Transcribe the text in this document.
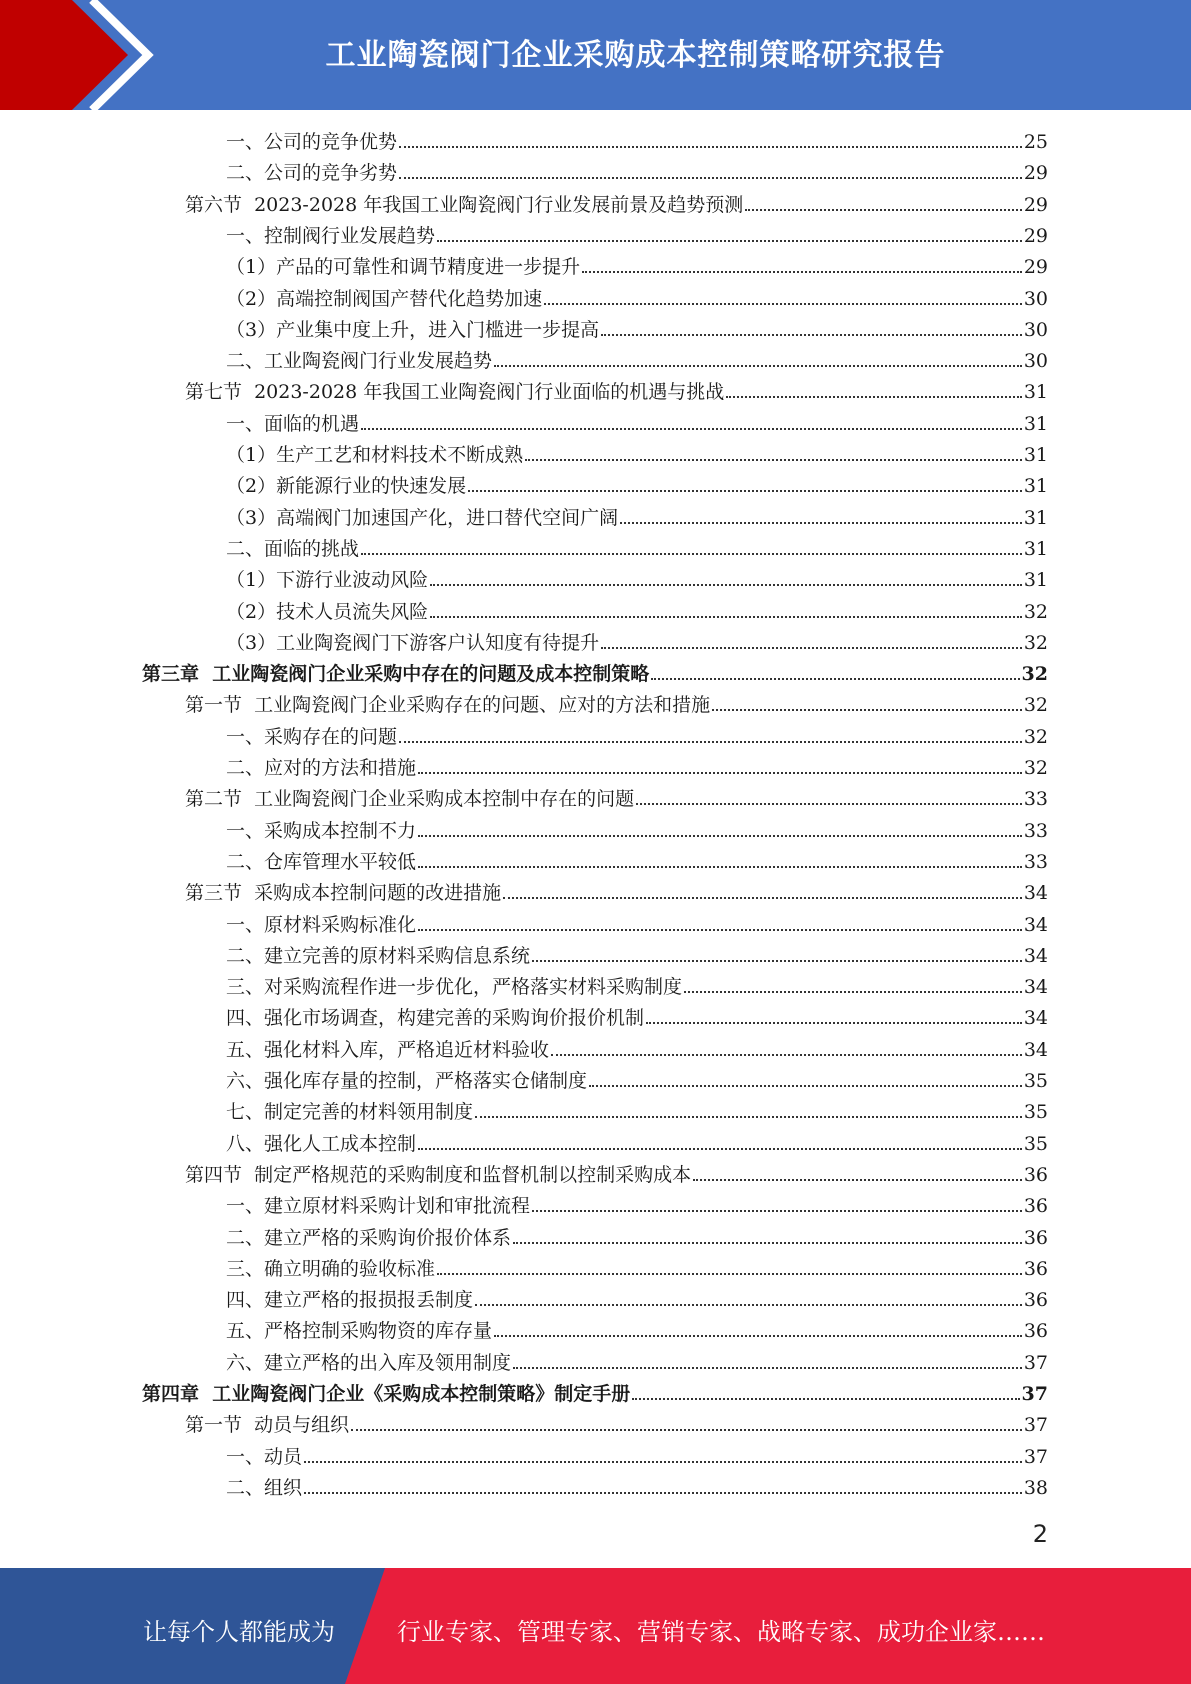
工业陶瓷阀门企业采购成本控制策略研究报告
一、公司的竞争优势	25
二、公司的竞争劣势	29
第六节  2023-2028 年我国工业陶瓷阀门行业发展前景及趋势预测	29
一、控制阀行业发展趋势	29
（1）产品的可靠性和调节精度进一步提升	29
（2）高端控制阀国产替代化趋势加速	30
（3）产业集中度上升，进入门槛进一步提高	30
二、工业陶瓷阀门行业发展趋势	30
第七节  2023-2028 年我国工业陶瓷阀门行业面临的机遇与挑战	31
一、面临的机遇	31
（1）生产工艺和材料技术不断成熟	31
（2）新能源行业的快速发展	31
（3）高端阀门加速国产化，进口替代空间广阔	31
二、面临的挑战	31
（1）下游行业波动风险	31
（2）技术人员流失风险	32
（3）工业陶瓷阀门下游客户认知度有待提升	32
第三章  工业陶瓷阀门企业采购中存在的问题及成本控制策略	32
第一节  工业陶瓷阀门企业采购存在的问题、应对的方法和措施	32
一、采购存在的问题	32
二、应对的方法和措施	32
第二节  工业陶瓷阀门企业采购成本控制中存在的问题	33
一、采购成本控制不力	33
二、仓库管理水平较低	33
第三节  采购成本控制问题的改进措施	34
一、原材料采购标准化	34
二、建立完善的原材料采购信息系统	34
三、对采购流程作进一步优化，严格落实材料采购制度	34
四、强化市场调查，构建完善的采购询价报价机制	34
五、强化材料入库，严格追近材料验收	34
六、强化库存量的控制，严格落实仓储制度	35
七、制定完善的材料领用制度	35
八、强化人工成本控制	35
第四节  制定严格规范的采购制度和监督机制以控制采购成本	36
一、建立原材料采购计划和审批流程	36
二、建立严格的采购询价报价体系	36
三、确立明确的验收标准	36
四、建立严格的报损报丢制度	36
五、严格控制采购物资的库存量	36
六、建立严格的出入库及领用制度	37
第四章  工业陶瓷阀门企业《采购成本控制策略》制定手册	37
第一节  动员与组织	37
一、动员	37
二、组织	38
2
让每个人都能成为	行业专家、管理专家、营销专家、战略专家、成功企业家……
